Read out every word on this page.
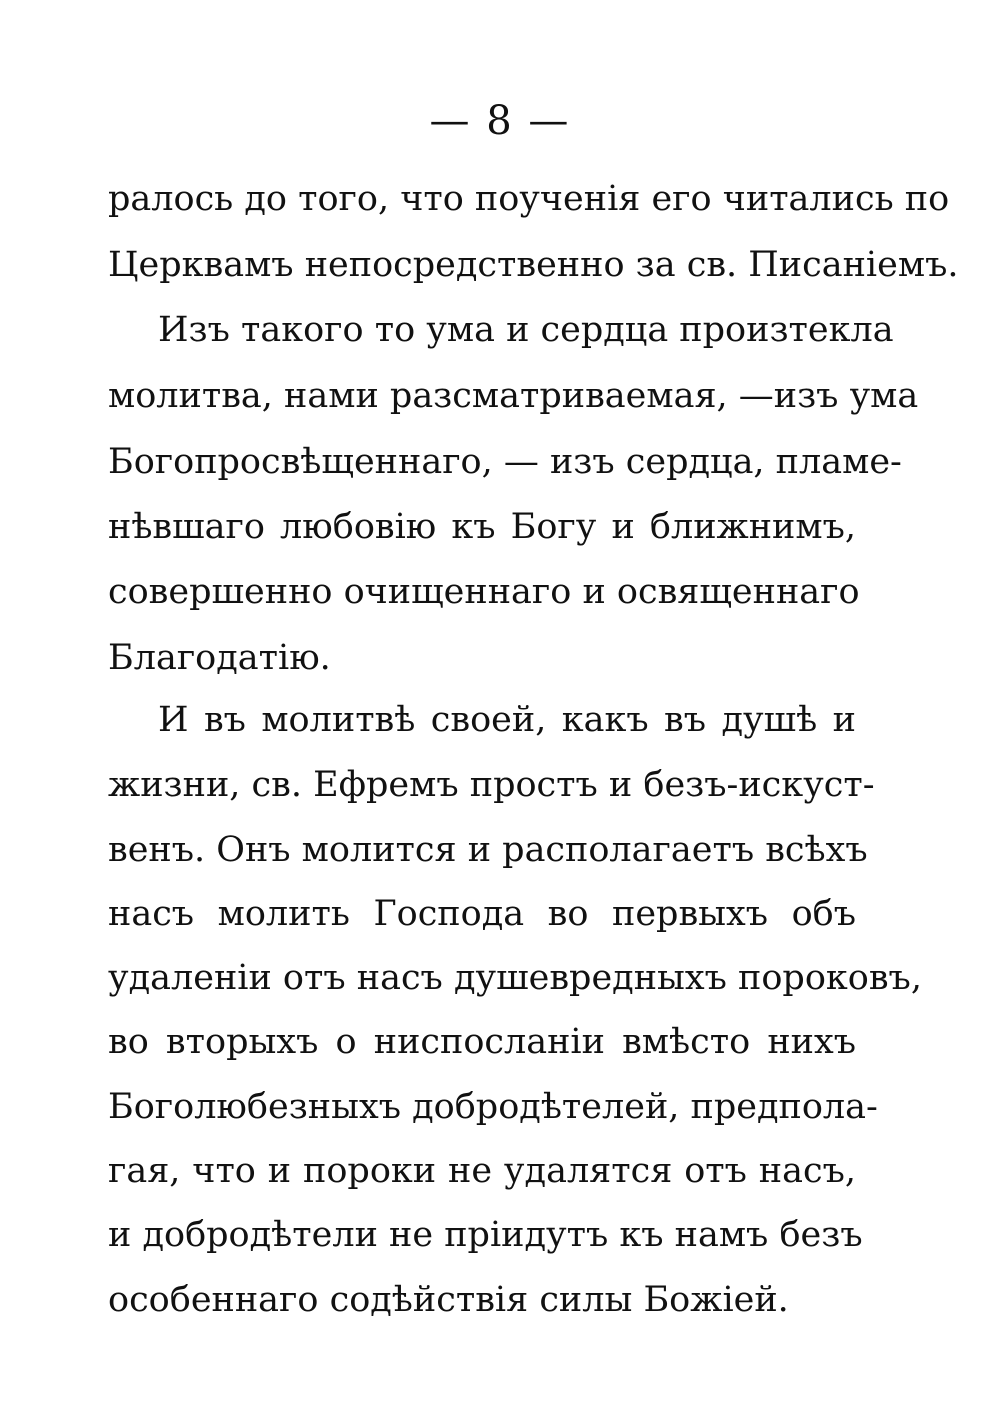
— 8 —
ралось до того, что поученія его читались по
Церквамъ непосредственно за св. Писаніемъ.
Изъ такого то ума и сердца произтекла
молитва, нами разсматриваемая, —изъ ума
Богопросвѣщеннаго, — изъ сердца, пламе-
нѣвшаго любовію къ Богу и ближнимъ,
совершенно очищеннаго и освященнаго
Благодатію.
И въ молитвѣ своей, какъ въ душѣ и
жизни, св. Ефремъ простъ и безъ-искуст-
венъ. Онъ молится и располагаетъ всѣхъ
насъ молить Господа во первыхъ объ
удаленіи отъ насъ душевредныхъ пороковъ,
во вторыхъ о ниспосланіи вмѣсто нихъ
Боголюбезныхъ добродѣтелей, предпола-
гая, что и пороки не удалятся отъ насъ,
и добродѣтели не пріидутъ къ намъ безъ
особеннаго содѣйствія силы Божіей.
